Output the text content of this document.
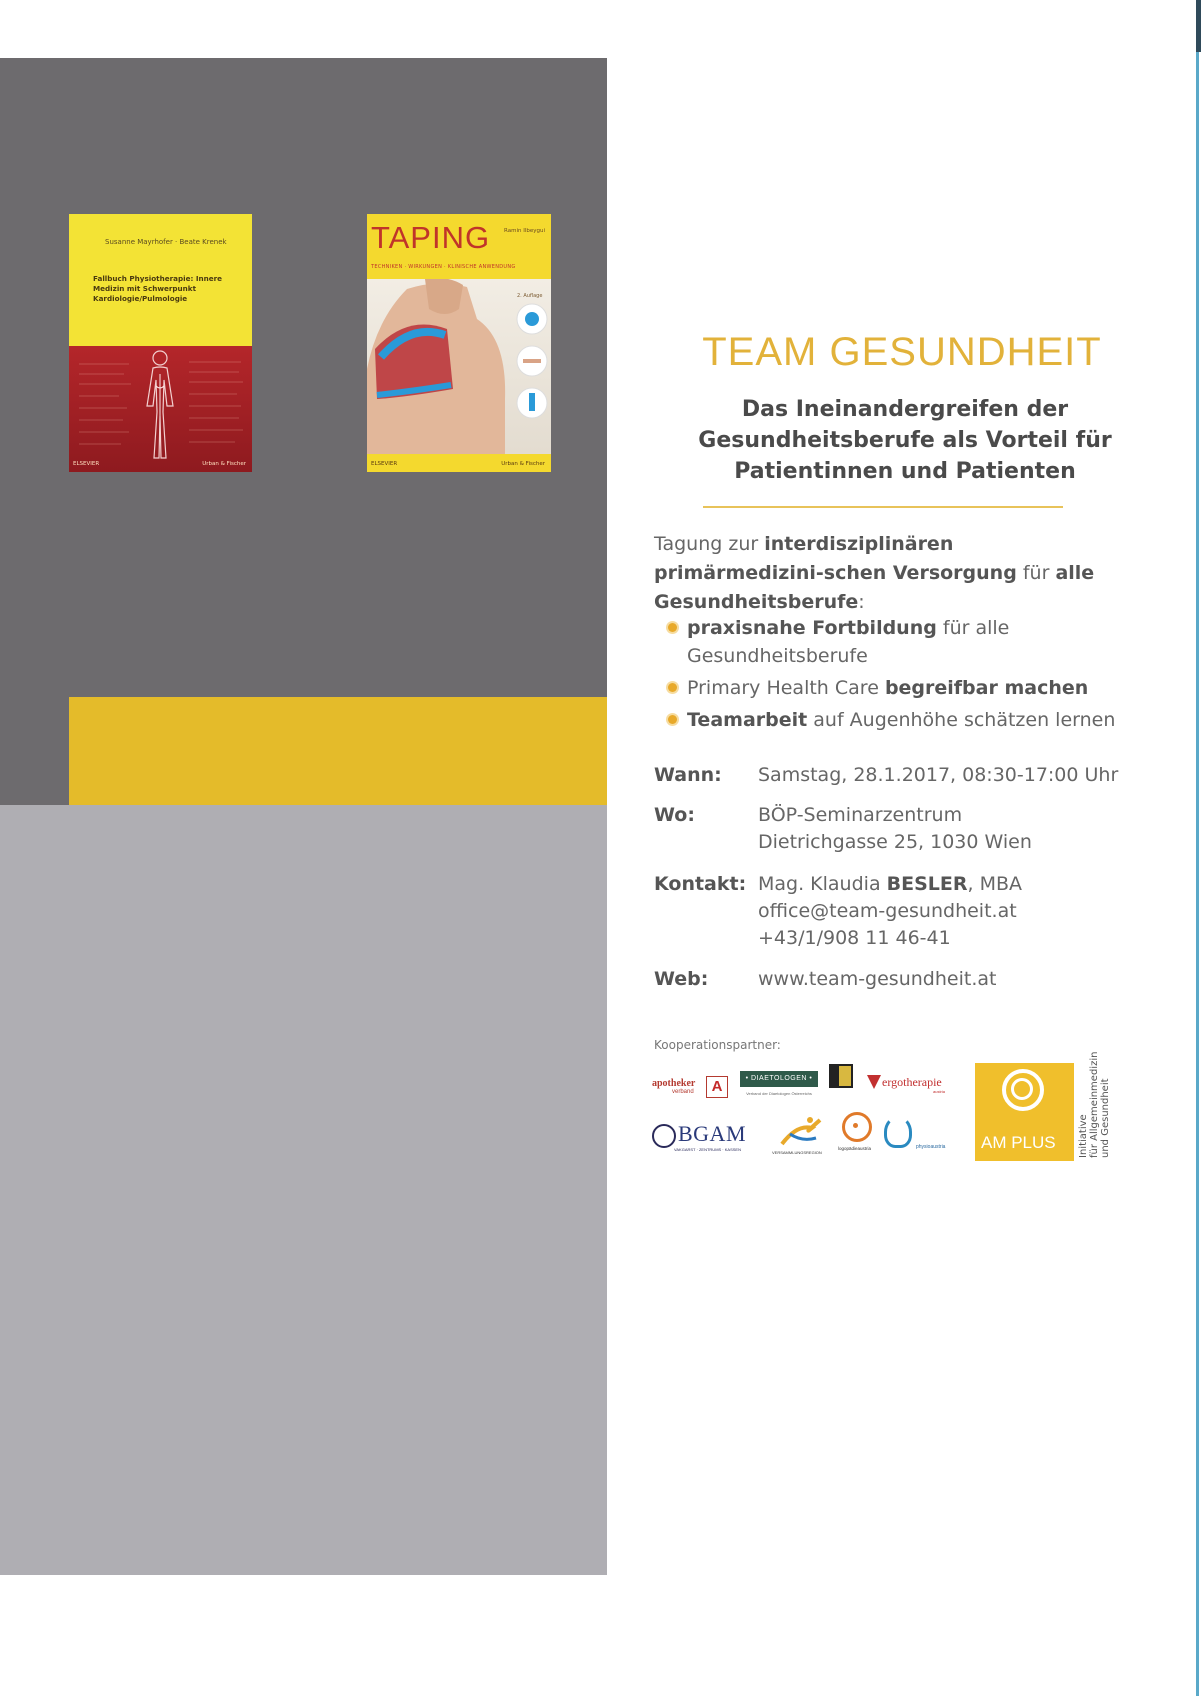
Susanne Mayrhofer · Beate Krenek
Fallbuch Physiotherapie: Innere Medizin mit Schwerpunkt Kardiologie/Pulmologie
ELSEVIER	Urban & Fischer
TAPING	Ramin Ilbeygui
TECHNIKEN · WIRKUNGEN · KLINISCHE ANWENDUNG
2. Auflage
ELSEVIER	Urban & Fischer
TEAM GESUNDHEIT
Das Ineinandergreifen der Gesundheitsberufe als Vorteil für Patientinnen und Patienten
Tagung zur interdisziplinären primärmedizini-schen Versorgung für alle Gesundheitsberufe:
praxisnahe Fortbildung für alle Gesundheitsberufe
Primary Health Care begreifbar machen
Teamarbeit auf Augenhöhe schätzen lernen
Wann: Samstag, 28.1.2017, 08:30-17:00 Uhr
Wo:	BÖP-Seminarzentrum
Dietrichgasse 25, 1030 Wien
Kontakt: Mag. Klaudia BESLER, MBA
office@team-gesundheit.at
+43/1/908 11 46-41
Web:	www.team-gesundheit.at
Kooperationspartner:
apotheker
verband	A	• DIAETOLOGEN •
Verband der Diaetologen Österreichs
ergotherapie
austria
BGAM
VAKGARST · ZENTRUMS · KASSEN
VERSAMMLUNGSREGION
logopädieaustria	physioaustria AM PLUS Initiative
für Allgemeinmedizin
und Gesundheit
